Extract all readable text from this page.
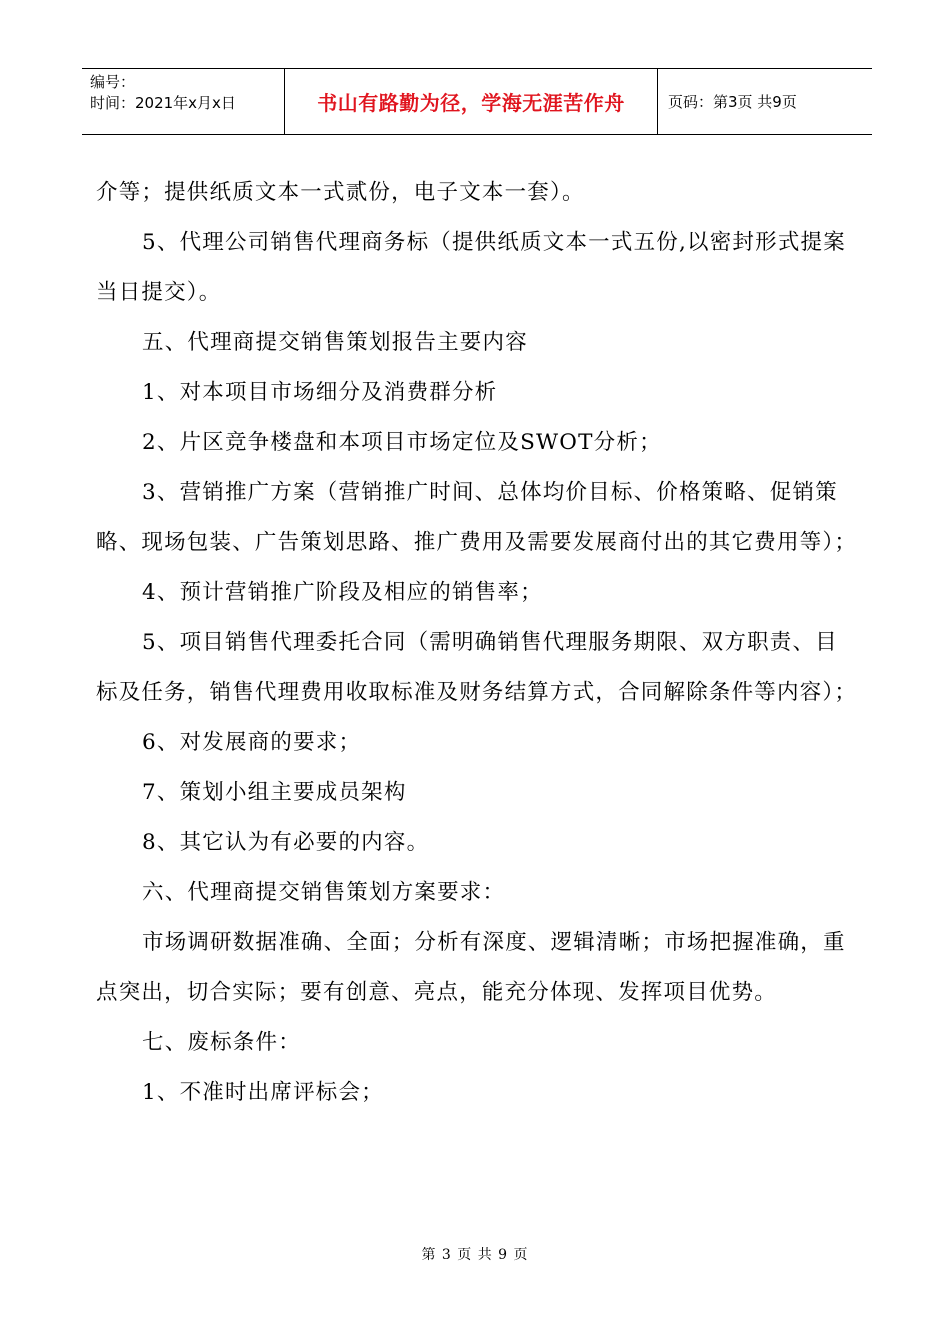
编号：
时间：2021年x月x日	书山有路勤为径，学海无涯苦作舟	页码：第3页 共9页

介等；提供纸质文本一式贰份，电子文本一套）。

5、代理公司销售代理商务标（提供纸质文本一式五份,以密封形式提案当日提交）。

五、代理商提交销售策划报告主要内容

1、对本项目市场细分及消费群分析

2、片区竞争楼盘和本项目市场定位及SWOT分析；

3、营销推广方案（营销推广时间、总体均价目标、价格策略、促销策略、现场包装、广告策划思路、推广费用及需要发展商付出的其它费用等）；

4、预计营销推广阶段及相应的销售率；

5、项目销售代理委托合同（需明确销售代理服务期限、双方职责、目标及任务，销售代理费用收取标准及财务结算方式，合同解除条件等内容）；

6、对发展商的要求；

7、策划小组主要成员架构

8、其它认为有必要的内容。

六、代理商提交销售策划方案要求：

市场调研数据准确、全面；分析有深度、逻辑清晰；市场把握准确，重点突出，切合实际；要有创意、亮点，能充分体现、发挥项目优势。

七、废标条件：

1、不准时出席评标会；

第 3 页 共 9 页
